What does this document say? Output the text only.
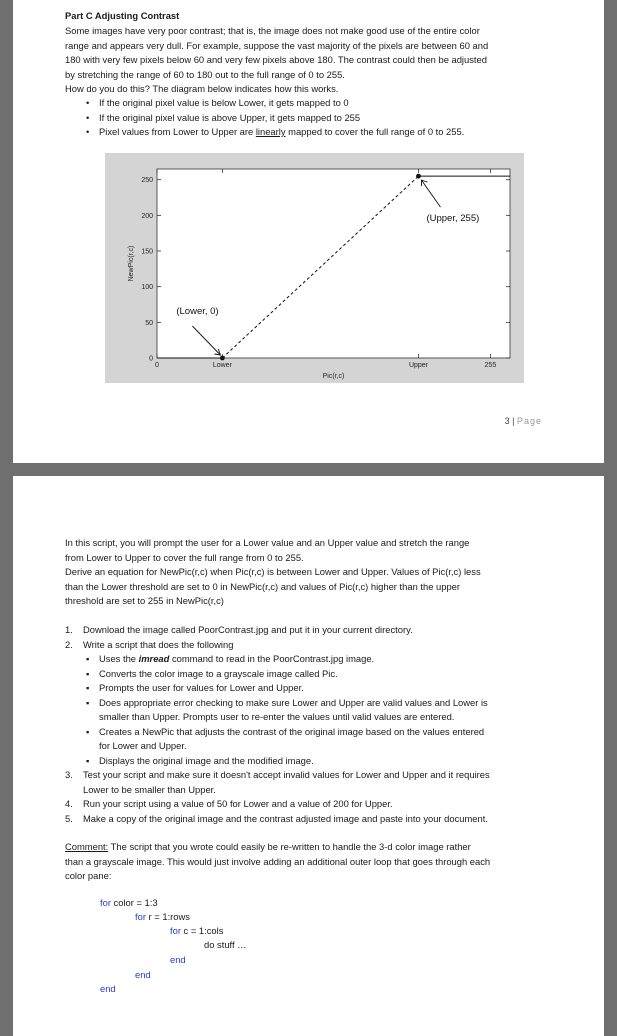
Part C Adjusting Contrast
Some images have very poor contrast; that is, the image does not make good use of the entire color
range and appears very dull. For example, suppose the vast majority of the pixels are between 60 and
180 with very few pixels below 60 and very few pixels above 180. The contrast could then be adjusted
by stretching the range of 60 to 180 out to the full range of 0 to 255.
How do you do this? The diagram below indicates how this works.
• If the original pixel value is below Lower, it gets mapped to 0
• If the original pixel value is above Upper, it gets mapped to 255
• Pixel values from Lower to Upper are linearly mapped to cover the full range of 0 to 255.
0
50
100
150
200
250
0	Lower	Upper	255
Pic(r,c)
NewPic(r,c)
(Lower, 0)
(Upper, 255)
3 | Page
In this script, you will prompt the user for a Lower value and an Upper value and stretch the range
from Lower to Upper to cover the full range from 0 to 255.
Derive an equation for NewPic(r,c) when Pic(r,c) is between Lower and Upper. Values of Pic(r,c) less
than the Lower threshold are set to 0 in NewPic(r,c) and values of Pic(r,c) higher than the upper
threshold are set to 255 in NewPic(r,c)
1. Download the image called PoorContrast.jpg and put it in your current directory.
2. Write a script that does the following
▪ Uses the imread command to read in the PoorContrast.jpg image.
▪ Converts the color image to a grayscale image called Pic.
▪ Prompts the user for values for Lower and Upper.
▪ Does appropriate error checking to make sure Lower and Upper are valid values and Lower is
smaller than Upper. Prompts user to re-enter the values until valid values are entered.
▪ Creates a NewPic that adjusts the contrast of the original image based on the values entered
for Lower and Upper.
▪ Displays the original image and the modified image.
3. Test your script and make sure it doesn't accept invalid values for Lower and Upper and it requires
Lower to be smaller than Upper.
4. Run your script using a value of 50 for Lower and a value of 200 for Upper.
5. Make a copy of the original image and the contrast adjusted image and paste into your document.
Comment: The script that you wrote could easily be re-written to handle the 3-d color image rather
than a grayscale image. This would just involve adding an additional outer loop that goes through each
color pane:
for color = 1:3
for r = 1:rows
for c = 1:cols
do stuff …
end
end
end
